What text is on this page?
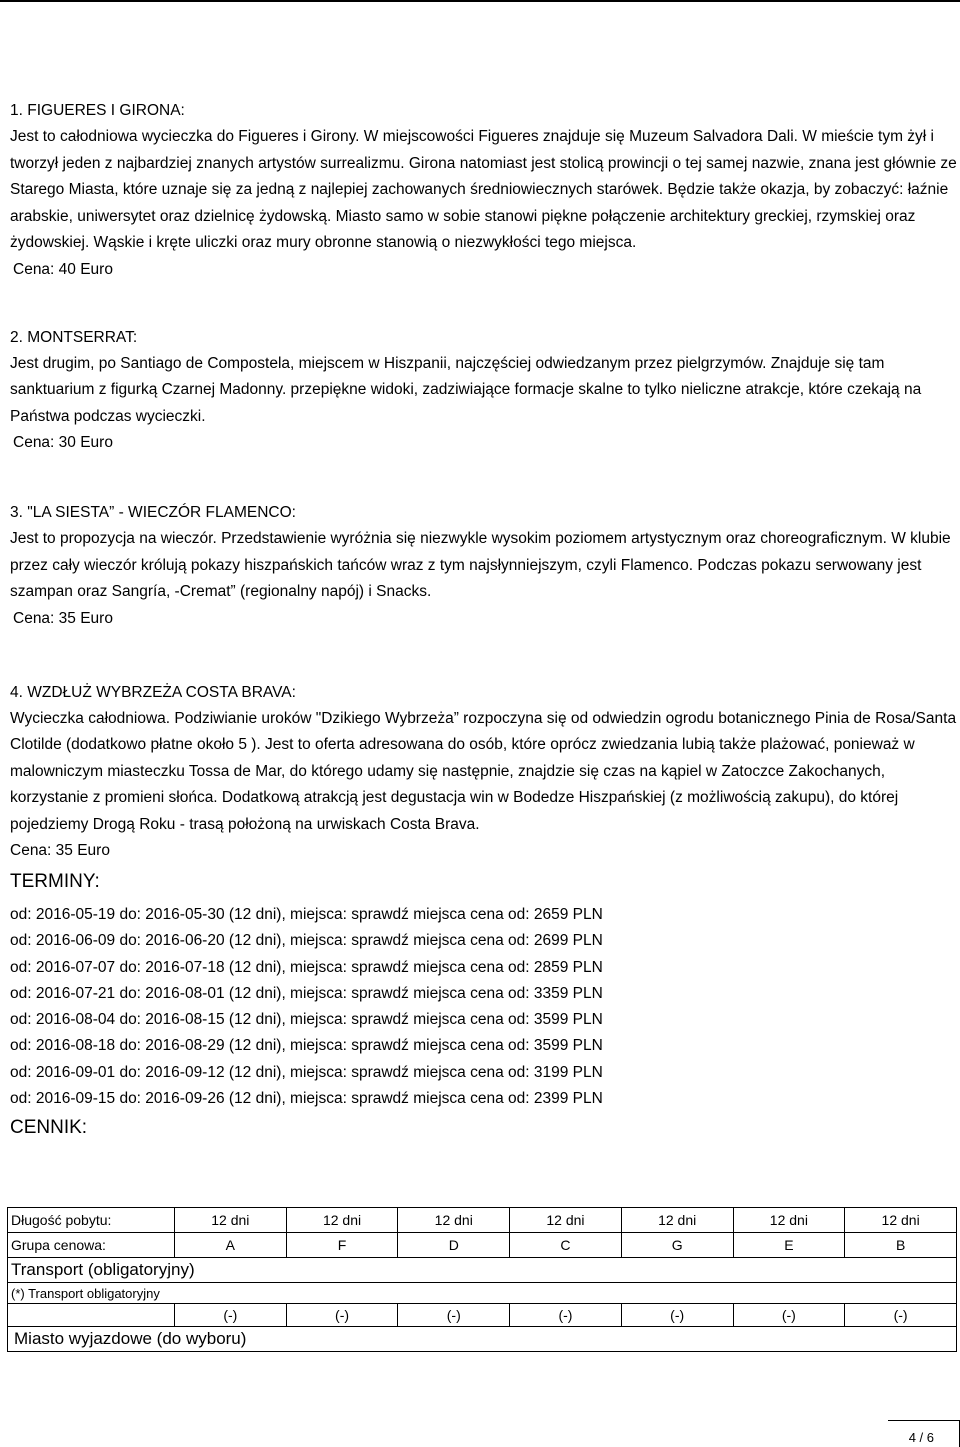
1. FIGUERES I GIRONA:

Jest to całodniowa wycieczka do Figueres i Girony. W miejscowości Figueres znajduje się Muzeum Salvadora Dali. W mieście tym żył i tworzył jeden z najbardziej znanych artystów surrealizmu. Girona natomiast jest stolicą prowincji o tej samej nazwie, znana jest głównie ze Starego Miasta, które uznaje się za jedną z najlepiej zachowanych średniowiecznych starówek. Będzie także okazja, by zobaczyć: łaźnie arabskie, uniwersytet oraz dzielnicę żydowską. Miasto samo w sobie stanowi piękne połączenie architektury greckiej, rzymskiej oraz żydowskiej. Wąskie i kręte uliczki oraz mury obronne stanowią o niezwykłości tego miejsca.

Cena: 40 Euro

2. MONTSERRAT:

Jest drugim, po Santiago de Compostela, miejscem w Hiszpanii, najczęściej odwiedzanym przez pielgrzymów. Znajduje się tam sanktuarium z figurką Czarnej Madonny. przepiękne widoki, zadziwiające formacje skalne to tylko nieliczne atrakcje, które czekają na Państwa podczas wycieczki.

Cena: 30 Euro

3. "LA SIESTA” - WIECZÓR FLAMENCO:

Jest to propozycja na wieczór. Przedstawienie wyróżnia się niezwykle wysokim poziomem artystycznym oraz choreograficznym. W klubie przez cały wieczór królują pokazy hiszpańskich tańców wraz z tym najsłynniejszym, czyli Flamenco. Podczas pokazu serwowany jest szampan oraz Sangría, -Cremat” (regionalny napój) i Snacks.

Cena: 35 Euro

4. WZDŁUŻ WYBRZEŻA COSTA BRAVA:

Wycieczka całodniowa. Podziwianie uroków "Dzikiego Wybrzeża” rozpoczyna się od odwiedzin ogrodu botanicznego Pinia de Rosa/Santa Clotilde (dodatkowo płatne około 5 ). Jest to oferta adresowana do osób, które oprócz zwiedzania lubią także plażować, ponieważ w malowniczym miasteczku Tossa de Mar, do którego udamy się następnie, znajdzie się czas na kąpiel w Zatoczce Zakochanych, korzystanie z promieni słońca. Dodatkową atrakcją jest degustacja win w Bodedze Hiszpańskiej (z możliwością zakupu), do której pojedziemy Drogą Roku - trasą położoną na urwiskach Costa Brava.

Cena: 35 Euro

TERMINY:

od: 2016-05-19 do: 2016-05-30 (12 dni), miejsca: sprawdź miejsca cena od: 2659 PLN

od: 2016-06-09 do: 2016-06-20 (12 dni), miejsca: sprawdź miejsca cena od: 2699 PLN

od: 2016-07-07 do: 2016-07-18 (12 dni), miejsca: sprawdź miejsca cena od: 2859 PLN

od: 2016-07-21 do: 2016-08-01 (12 dni), miejsca: sprawdź miejsca cena od: 3359 PLN

od: 2016-08-04 do: 2016-08-15 (12 dni), miejsca: sprawdź miejsca cena od: 3599 PLN

od: 2016-08-18 do: 2016-08-29 (12 dni), miejsca: sprawdź miejsca cena od: 3599 PLN

od: 2016-09-01 do: 2016-09-12 (12 dni), miejsca: sprawdź miejsca cena od: 3199 PLN

od: 2016-09-15 do: 2016-09-26 (12 dni), miejsca: sprawdź miejsca cena od: 2399 PLN

CENNIK:

Długość pobytu:	12 dni	12 dni	12 dni	12 dni	12 dni	12 dni	12 dni
Grupa cenowa:	A	F	D	C	G	E	B
Transport (obligatoryjny)							
(*) Transport obligatoryjny							
	(-)	(-)	(-)	(-)	(-)	(-)	(-)
Miasto wyjazdowe (do wyboru)							
4 / 6
